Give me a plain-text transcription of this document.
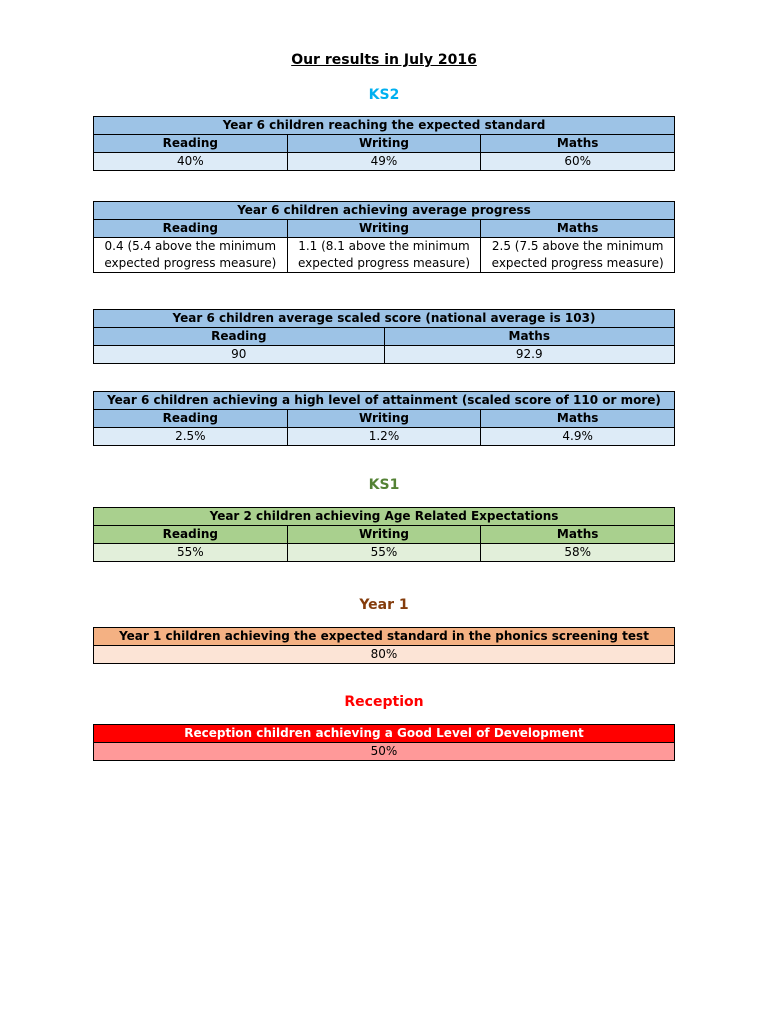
Our results in July 2016
KS2
Year 6 children reaching the expected standard		
Reading	Writing	Maths
40%	49%	60%
Year 6 children achieving average progress		
Reading	Writing	Maths
0.4 (5.4 above the minimum expected progress measure)	1.1 (8.1 above the minimum expected progress measure)	2.5 (7.5 above the minimum expected progress measure)
Year 6 children average scaled score (national average is 103)	
Reading	Maths
90	92.9
Year 6 children achieving a high level of attainment (scaled score of 110 or more)		
Reading	Writing	Maths
2.5%	1.2%	4.9%
KS1
Year 2 children achieving Age Related Expectations		
Reading	Writing	Maths
55%	55%	58%
Year 1
Year 1 children achieving the expected standard in the phonics screening test
80%
Reception
Reception children achieving a Good Level of Development
50%
